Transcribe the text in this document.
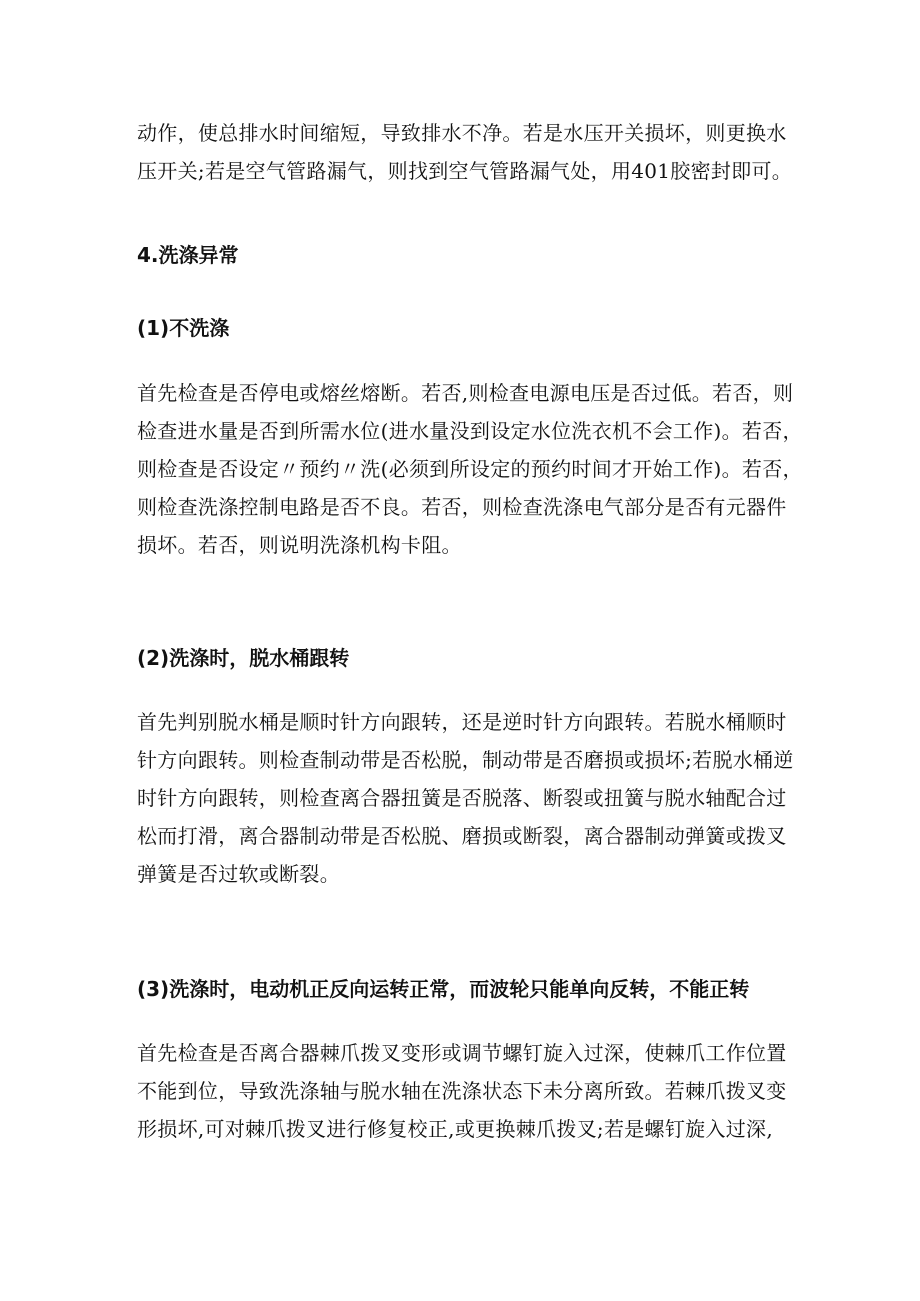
动作，使总排水时间缩短，导致排水不净。若是水压开关损坏，则更换水
压开关;若是空气管路漏气，则找到空气管路漏气处，用401胶密封即可。

4.洗涤异常
(1)不洗涤

首先检查是否停电或熔丝熔断。若否,则检查电源电压是否过低。若否，则
检查进水量是否到所需水位(进水量没到设定水位洗衣机不会工作)。若否，
则检查是否设定〃预约〃洗(必须到所设定的预约时间才开始工作)。若否，
则检查洗涤控制电路是否不良。若否，则检查洗涤电气部分是否有元器件
损坏。若否，则说明洗涤机构卡阻。

(2)洗涤时，脱水桶跟转

首先判别脱水桶是顺时针方向跟转，还是逆时针方向跟转。若脱水桶顺时
针方向跟转。则检查制动带是否松脱，制动带是否磨损或损坏;若脱水桶逆
时针方向跟转，则检查离合器扭簧是否脱落、断裂或扭簧与脱水轴配合过
松而打滑，离合器制动带是否松脱、磨损或断裂，离合器制动弹簧或拨叉
弹簧是否过软或断裂。

(3)洗涤时，电动机正反向运转正常，而波轮只能单向反转，不能正转

首先检查是否离合器棘爪拨叉变形或调节螺钉旋入过深，使棘爪工作位置
不能到位，导致洗涤轴与脱水轴在洗涤状态下未分离所致。若棘爪拨叉变
形损坏,可对棘爪拨叉进行修复校正,或更换棘爪拨叉;若是螺钉旋入过深,
